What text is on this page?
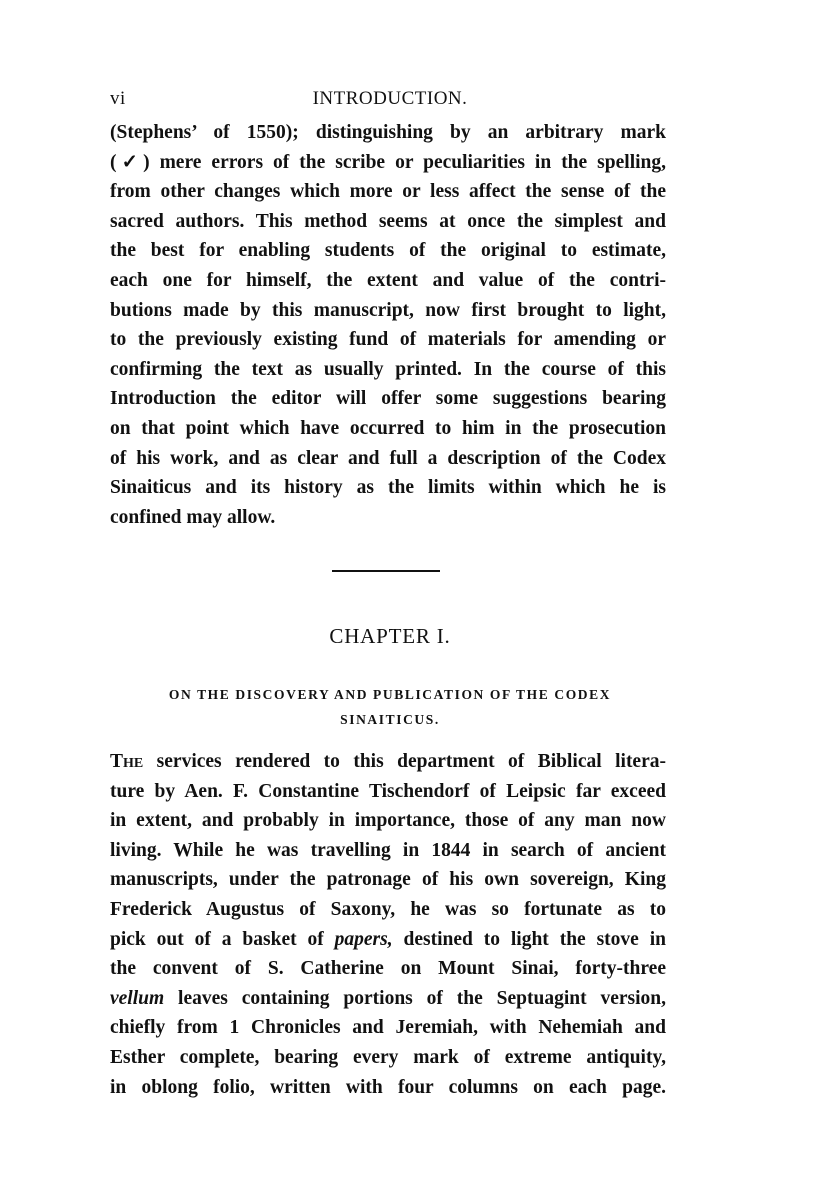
vi	INTRODUCTION.
(Stephens’ of 1550); distinguishing by an arbitrary mark
(✓) mere errors of the scribe or peculiarities in the spelling,
from other changes which more or less affect the sense of the
sacred authors. This method seems at once the simplest and
the best for enabling students of the original to estimate,
each one for himself, the extent and value of the contri-
butions made by this manuscript, now first brought to light,
to the previously existing fund of materials for amending or
confirming the text as usually printed. In the course of this
Introduction the editor will offer some suggestions bearing
on that point which have occurred to him in the prosecution
of his work, and as clear and full a description of the Codex
Sinaiticus and its history as the limits within which he is
confined may allow.
CHAPTER I.
ON THE DISCOVERY AND PUBLICATION OF THE CODEX
SINAITICUS.
The services rendered to this department of Biblical litera-
ture by Aen. F. Constantine Tischendorf of Leipsic far exceed
in extent, and probably in importance, those of any man now
living. While he was travelling in 1844 in search of ancient
manuscripts, under the patronage of his own sovereign, King
Frederick Augustus of Saxony, he was so fortunate as to
pick out of a basket of papers, destined to light the stove in
the convent of S. Catherine on Mount Sinai, forty-three
vellum leaves containing portions of the Septuagint version,
chiefly from 1 Chronicles and Jeremiah, with Nehemiah and
Esther complete, bearing every mark of extreme antiquity,
in oblong folio, written with four columns on each page.
